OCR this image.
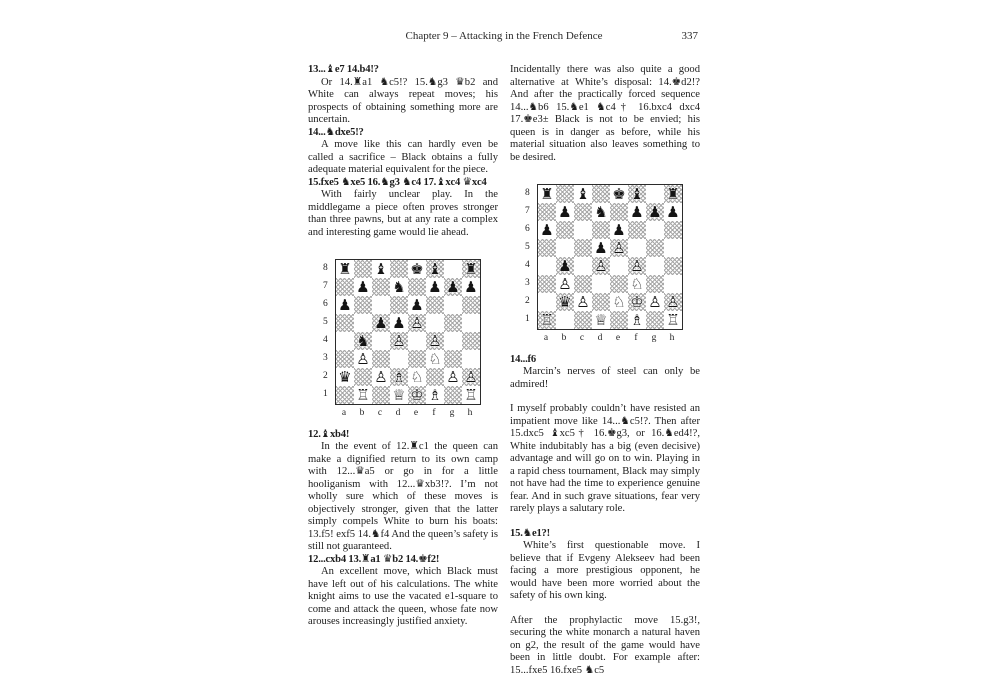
Chapter 9 – Attacking in the French Defence	337
13...♝e7 14.b4!?
Or 14.♜a1 ♞c5!? 15.♞g3 ♛b2 and White can always repeat moves; his prospects of obtaining something more are uncertain.
14...♞dxe5!?
A move like this can hardly even be called a sacrifice – Black obtains a fully adequate material equivalent for the piece.
15.fxe5 ♞xe5 16.♞g3 ♞c4 17.♝xc4 ♛xc4
With fairly unclear play. In the middlegame a piece often proves stronger than three pawns, but at any rate a complex and interesting game would lie ahead.
8
7
6
5
4
3
2
1
♜ ♝ ♚ ♝ ♜
♟ ♞ ♟ ♟ ♟
♟	♟
♟ ♟ ♙
♞ ♙ ♙
♙	♘
♛ ♙ ♗ ♘ ♙ ♙
♖ ♕ ♔ ♗ ♖
a	b	c	d	e	f	g	h
12.♝xb4!
In the event of 12.♜c1 the queen can make a dignified return to its own camp with 12...♛a5 or go in for a little hooliganism with 12...♛xb3!?. I’m not wholly sure which of these moves is objectively stronger, given that the latter simply compels White to burn his boats: 13.f5! exf5 14.♞f4 And the queen’s safety is still not guaranteed.
12...cxb4 13.♜a1 ♛b2 14.♚f2!
An excellent move, which Black must have left out of his calculations. The white knight aims to use the vacated e1-square to come and attack the queen, whose fate now arouses increasingly justified anxiety.
Incidentally there was also quite a good alternative at White’s disposal: 14.♚d2!? And after the practically forced sequence 14...♞b6 15.♞e1 ♞c4† 16.bxc4 dxc4 17.♚e3± Black is not to be envied; his queen is in danger as before, while his material situation also leaves something to be desired.
8
7
6
5
4
3
2
1
♜ ♝ ♚ ♝ ♜
♟ ♞ ♟ ♟ ♟
♟	♟
♟ ♙
♟ ♙ ♙
♙	♘
♛ ♙ ♘ ♔ ♙ ♙
♖	♕ ♗ ♖
a	b	c	d	e	f	g	h
14...f6
Marcin’s nerves of steel can only be admired!
I myself probably couldn’t have resisted an impatient move like 14...♞c5!?. Then after 15.dxc5 ♝xc5† 16.♚g3, or 16.♞ed4!?, White indubitably has a big (even decisive) advantage and will go on to win. Playing in a rapid chess tournament, Black may simply not have had the time to experience genuine fear. And in such grave situations, fear very rarely plays a salutary role.
15.♞e1?!
White’s first questionable move. I believe that if Evgeny Alekseev had been facing a more prestigious opponent, he would have been more worried about the safety of his own king.
After the prophylactic move 15.g3!, securing the white monarch a natural haven on g2, the result of the game would have been in little doubt. For example after: 15...fxe5 16.fxe5 ♞c5
